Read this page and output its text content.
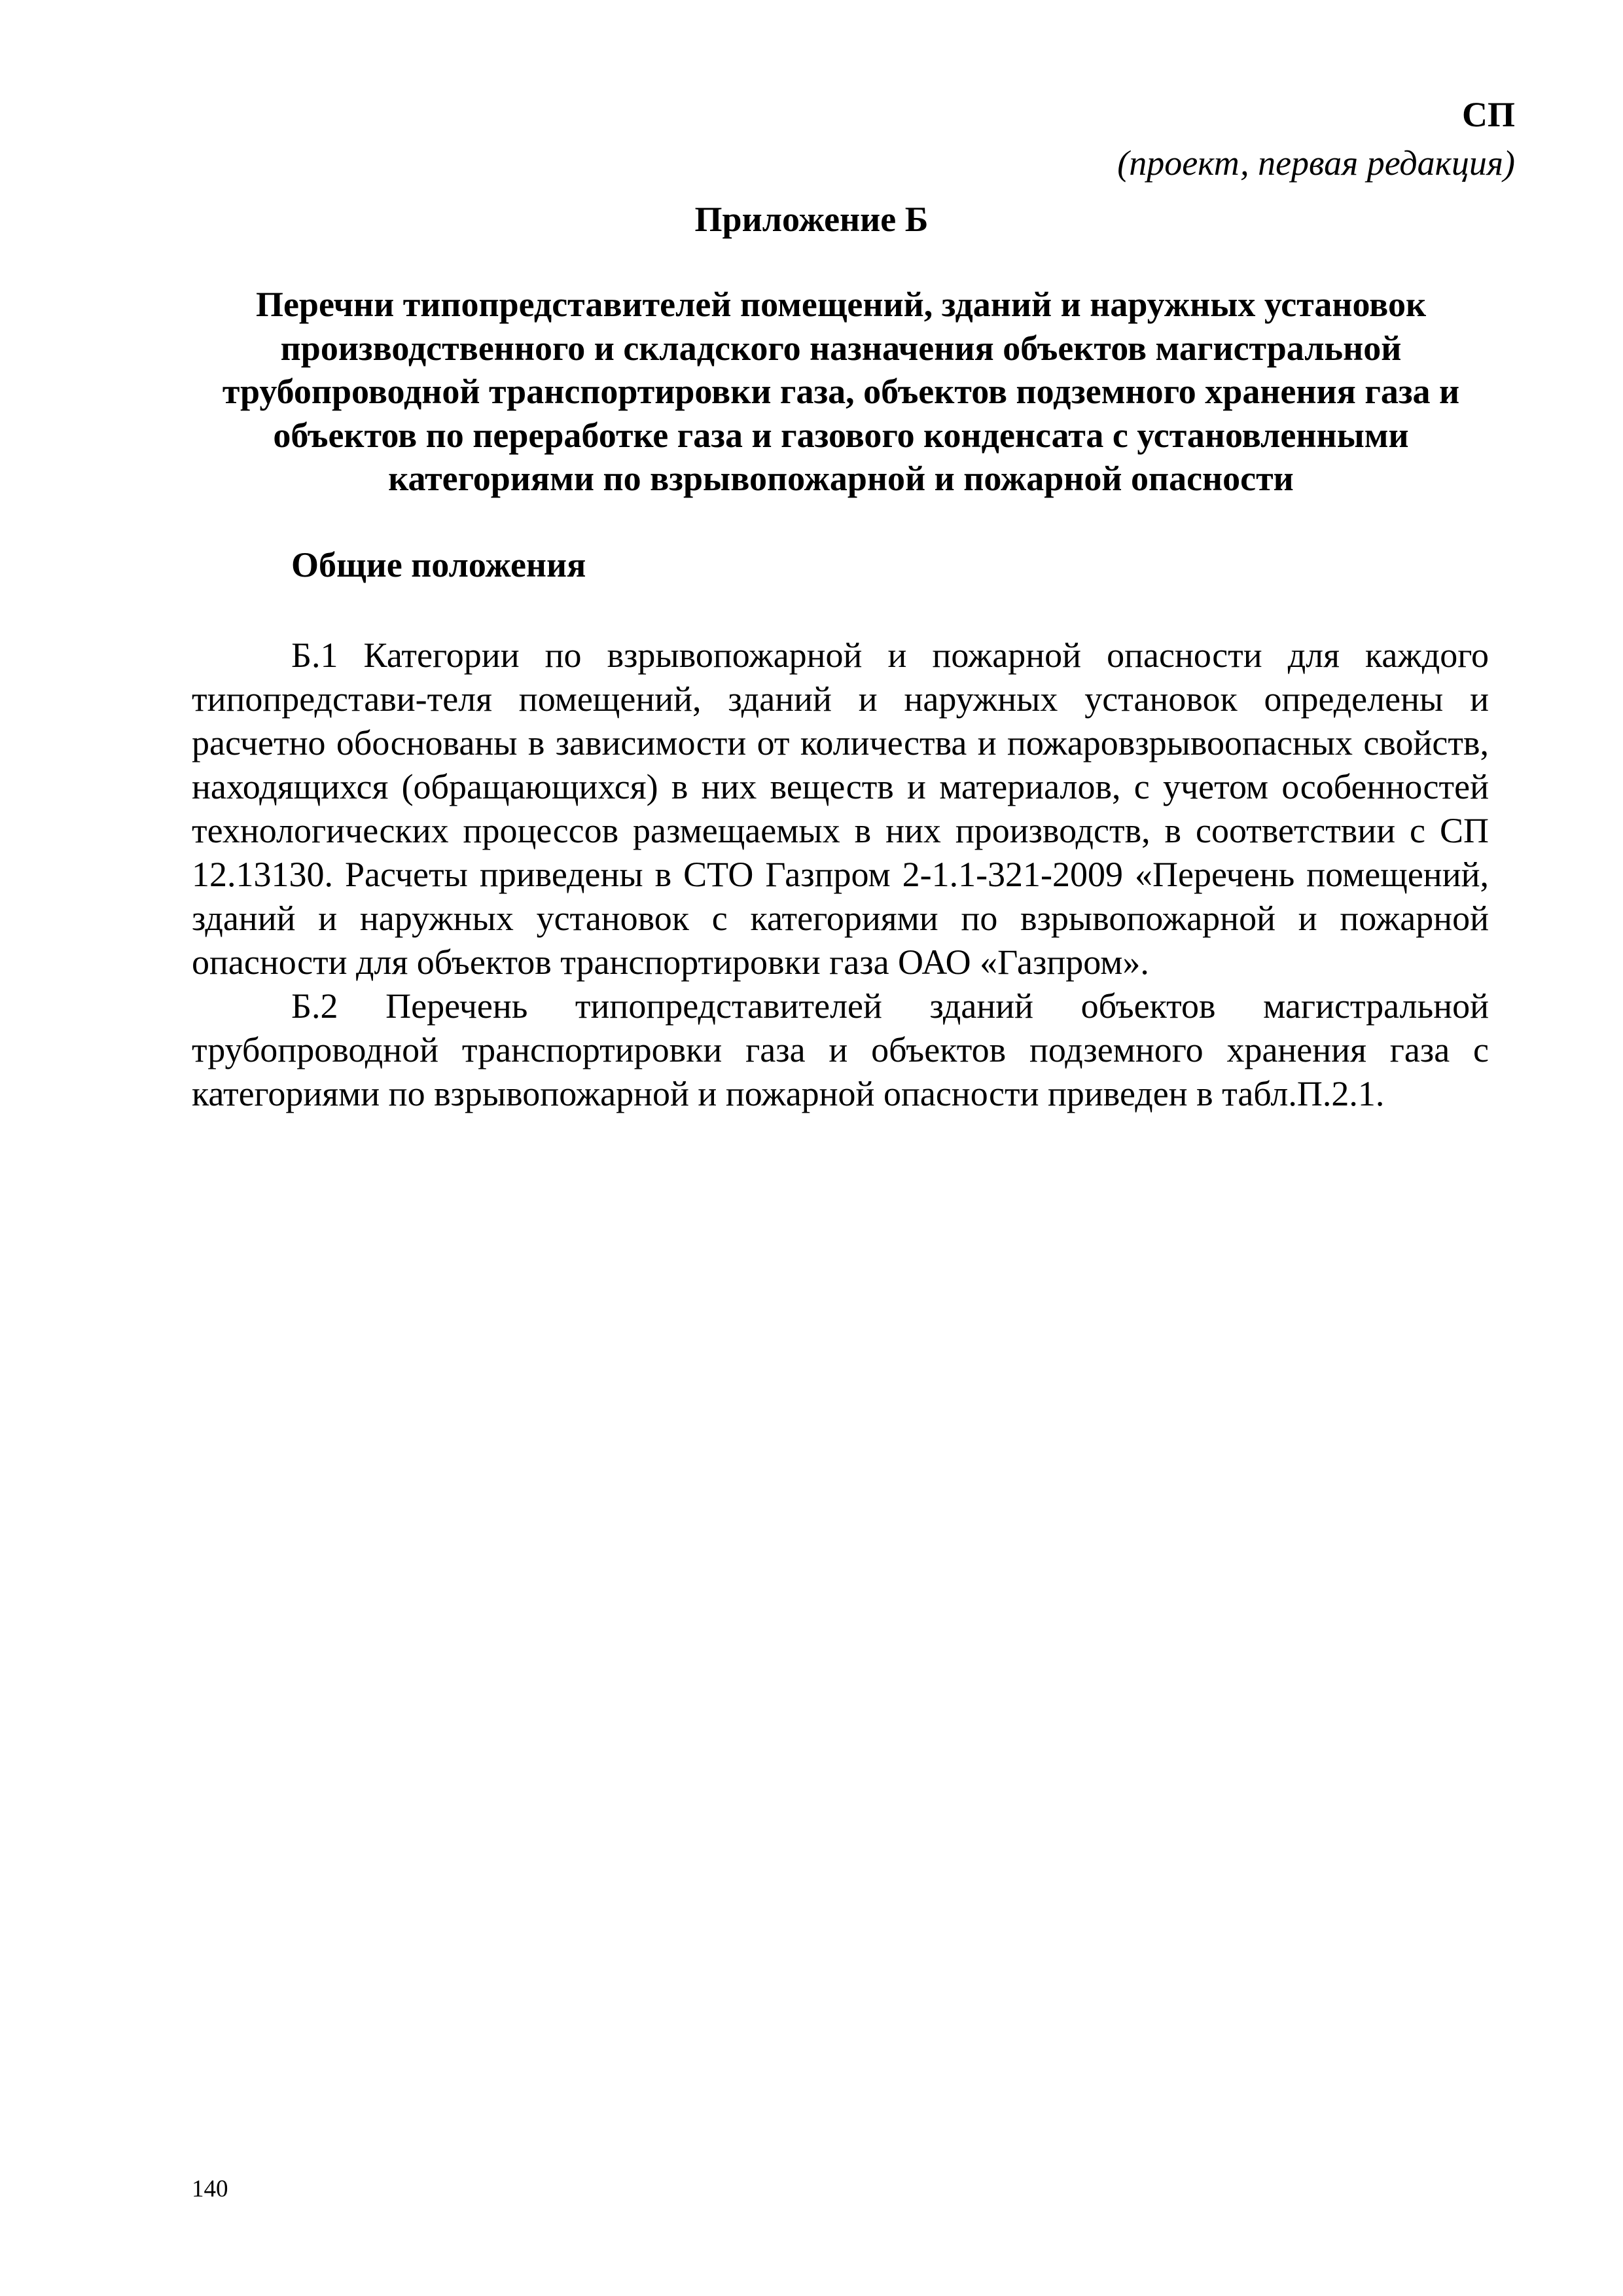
СП
(проект, первая редакция)
Приложение Б
Перечни типопредставителей помещений, зданий и наружных установок производственного и складского назначения объектов магистральной трубопроводной транспортировки газа, объектов подземного хранения газа и объектов по переработке газа и газового конденсата с установленными категориями по взрывопожарной и пожарной опасности
Общие положения

Б.1 Категории по взрывопожарной и пожарной опасности для каждого типопредстави-теля помещений, зданий и наружных установок определены и расчетно обоснованы в зависимости от количества и пожаровзрывоопасных свойств, находящихся (обращающихся) в них веществ и материалов, с учетом особенностей технологических процессов размещаемых в них производств, в соответствии с СП 12.13130. Расчеты приведены в СТО Газпром 2-1.1-321-2009 «Перечень помещений, зданий и наружных установок с категориями по взрывопожарной и пожарной опасности для объектов транспортировки газа ОАО «Газпром».

Б.2 Перечень типопредставителей зданий объектов магистральной трубопроводной транспортировки газа и объектов подземного хранения газа с категориями по взрывопожарной и пожарной опасности приведен в табл.П.2.1.

140
